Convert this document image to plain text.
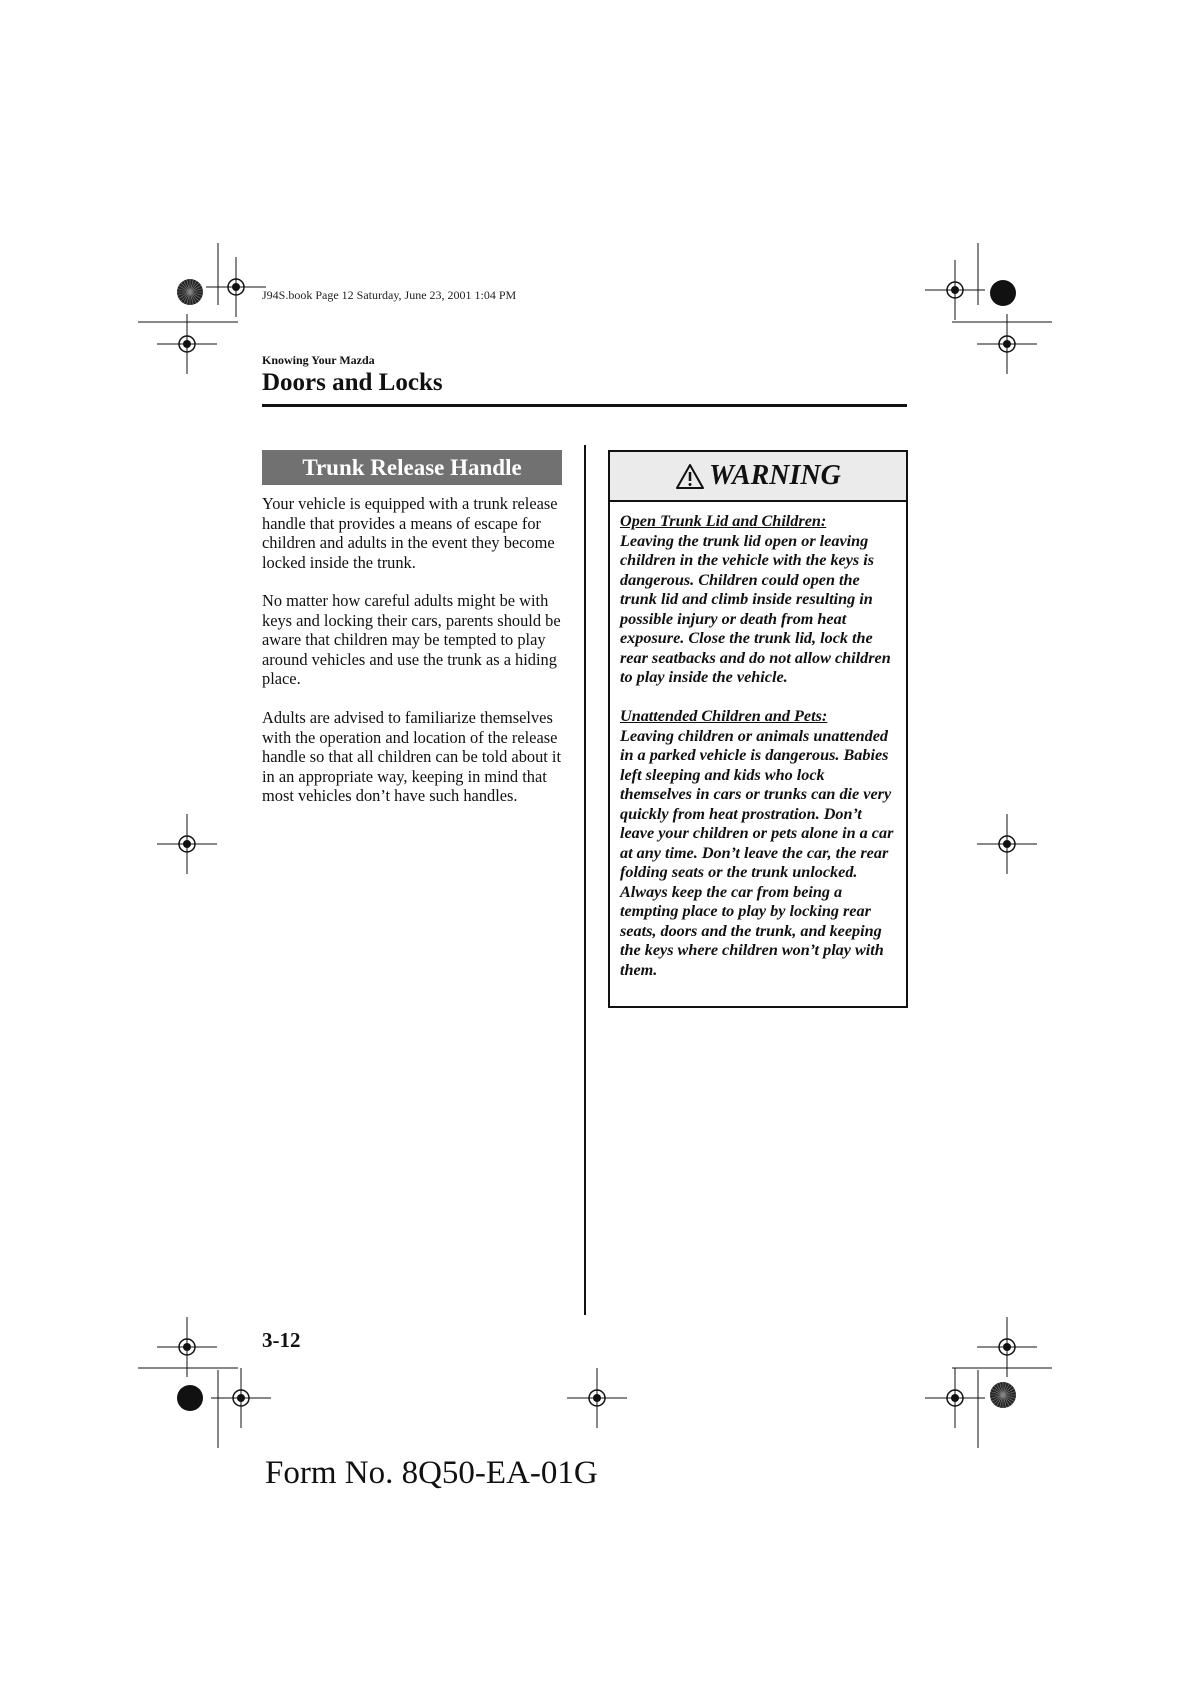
J94S.book Page 12 Saturday, June 23, 2001 1:04 PM
Knowing Your Mazda
Doors and Locks
Trunk Release Handle

Your vehicle is equipped with a trunk release handle that provides a means of escape for children and adults in the event they become locked inside the trunk.

No matter how careful adults might be with keys and locking their cars, parents should be aware that children may be tempted to play around vehicles and use the trunk as a hiding place.

Adults are advised to familiarize themselves with the operation and location of the release handle so that all children can be told about it in an appropriate way, keeping in mind that most vehicles don’t have such handles.

WARNING
Open Trunk Lid and Children:
Leaving the trunk lid open or leaving children in the vehicle with the keys is dangerous. Children could open the trunk lid and climb inside resulting in possible injury or death from heat exposure. Close the trunk lid, lock the rear seatbacks and do not allow children to play inside the vehicle.
Unattended Children and Pets:
Leaving children or animals unattended in a parked vehicle is dangerous. Babies left sleeping and kids who lock themselves in cars or trunks can die very quickly from heat prostration. Don’t leave your children or pets alone in a car at any time. Don’t leave the car, the rear folding seats or the trunk unlocked. Always keep the car from being a tempting place to play by locking rear seats, doors and the trunk, and keeping the keys where children won’t play with them.
3-12
Form No. 8Q50-EA-01G
